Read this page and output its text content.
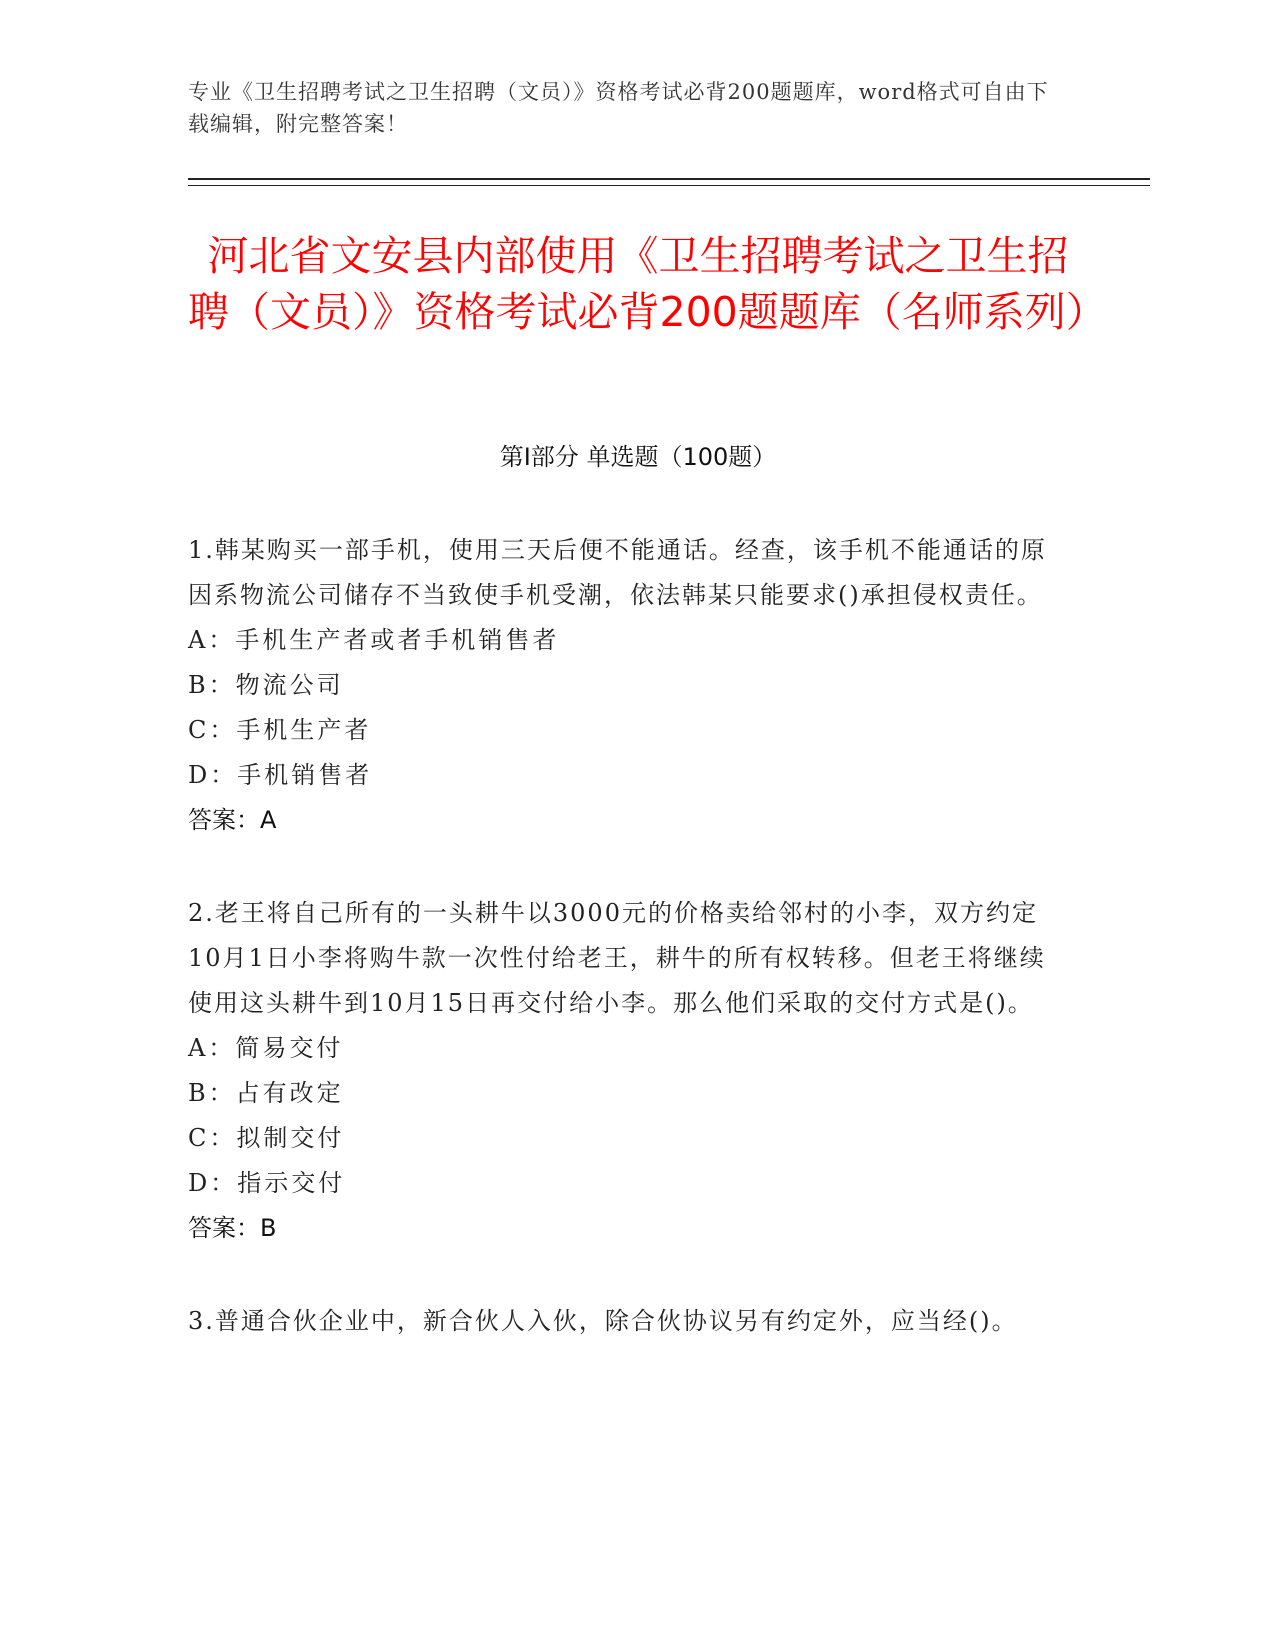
专业《卫生招聘考试之卫生招聘（文员）》资格考试必背200题题库，word格式可自由下载编辑，附完整答案！
河北省文安县内部使用《卫生招聘考试之卫生招聘（文员）》资格考试必背200题题库（名师系列）
第Ⅰ部分 单选题（100题）

1.韩某购买一部手机，使用三天后便不能通话。经查，该手机不能通话的原因系物流公司储存不当致使手机受潮，依法韩某只能要求()承担侵权责任。

A：手机生产者或者手机销售者

B：物流公司

C：手机生产者

D：手机销售者

答案：A

2.老王将自己所有的一头耕牛以3000元的价格卖给邻村的小李，双方约定10月1日小李将购牛款一次性付给老王，耕牛的所有权转移。但老王将继续使用这头耕牛到10月15日再交付给小李。那么他们采取的交付方式是()。

A：简易交付

B：占有改定

C：拟制交付

D：指示交付

答案：B

3.普通合伙企业中，新合伙人入伙，除合伙协议另有约定外，应当经()。
